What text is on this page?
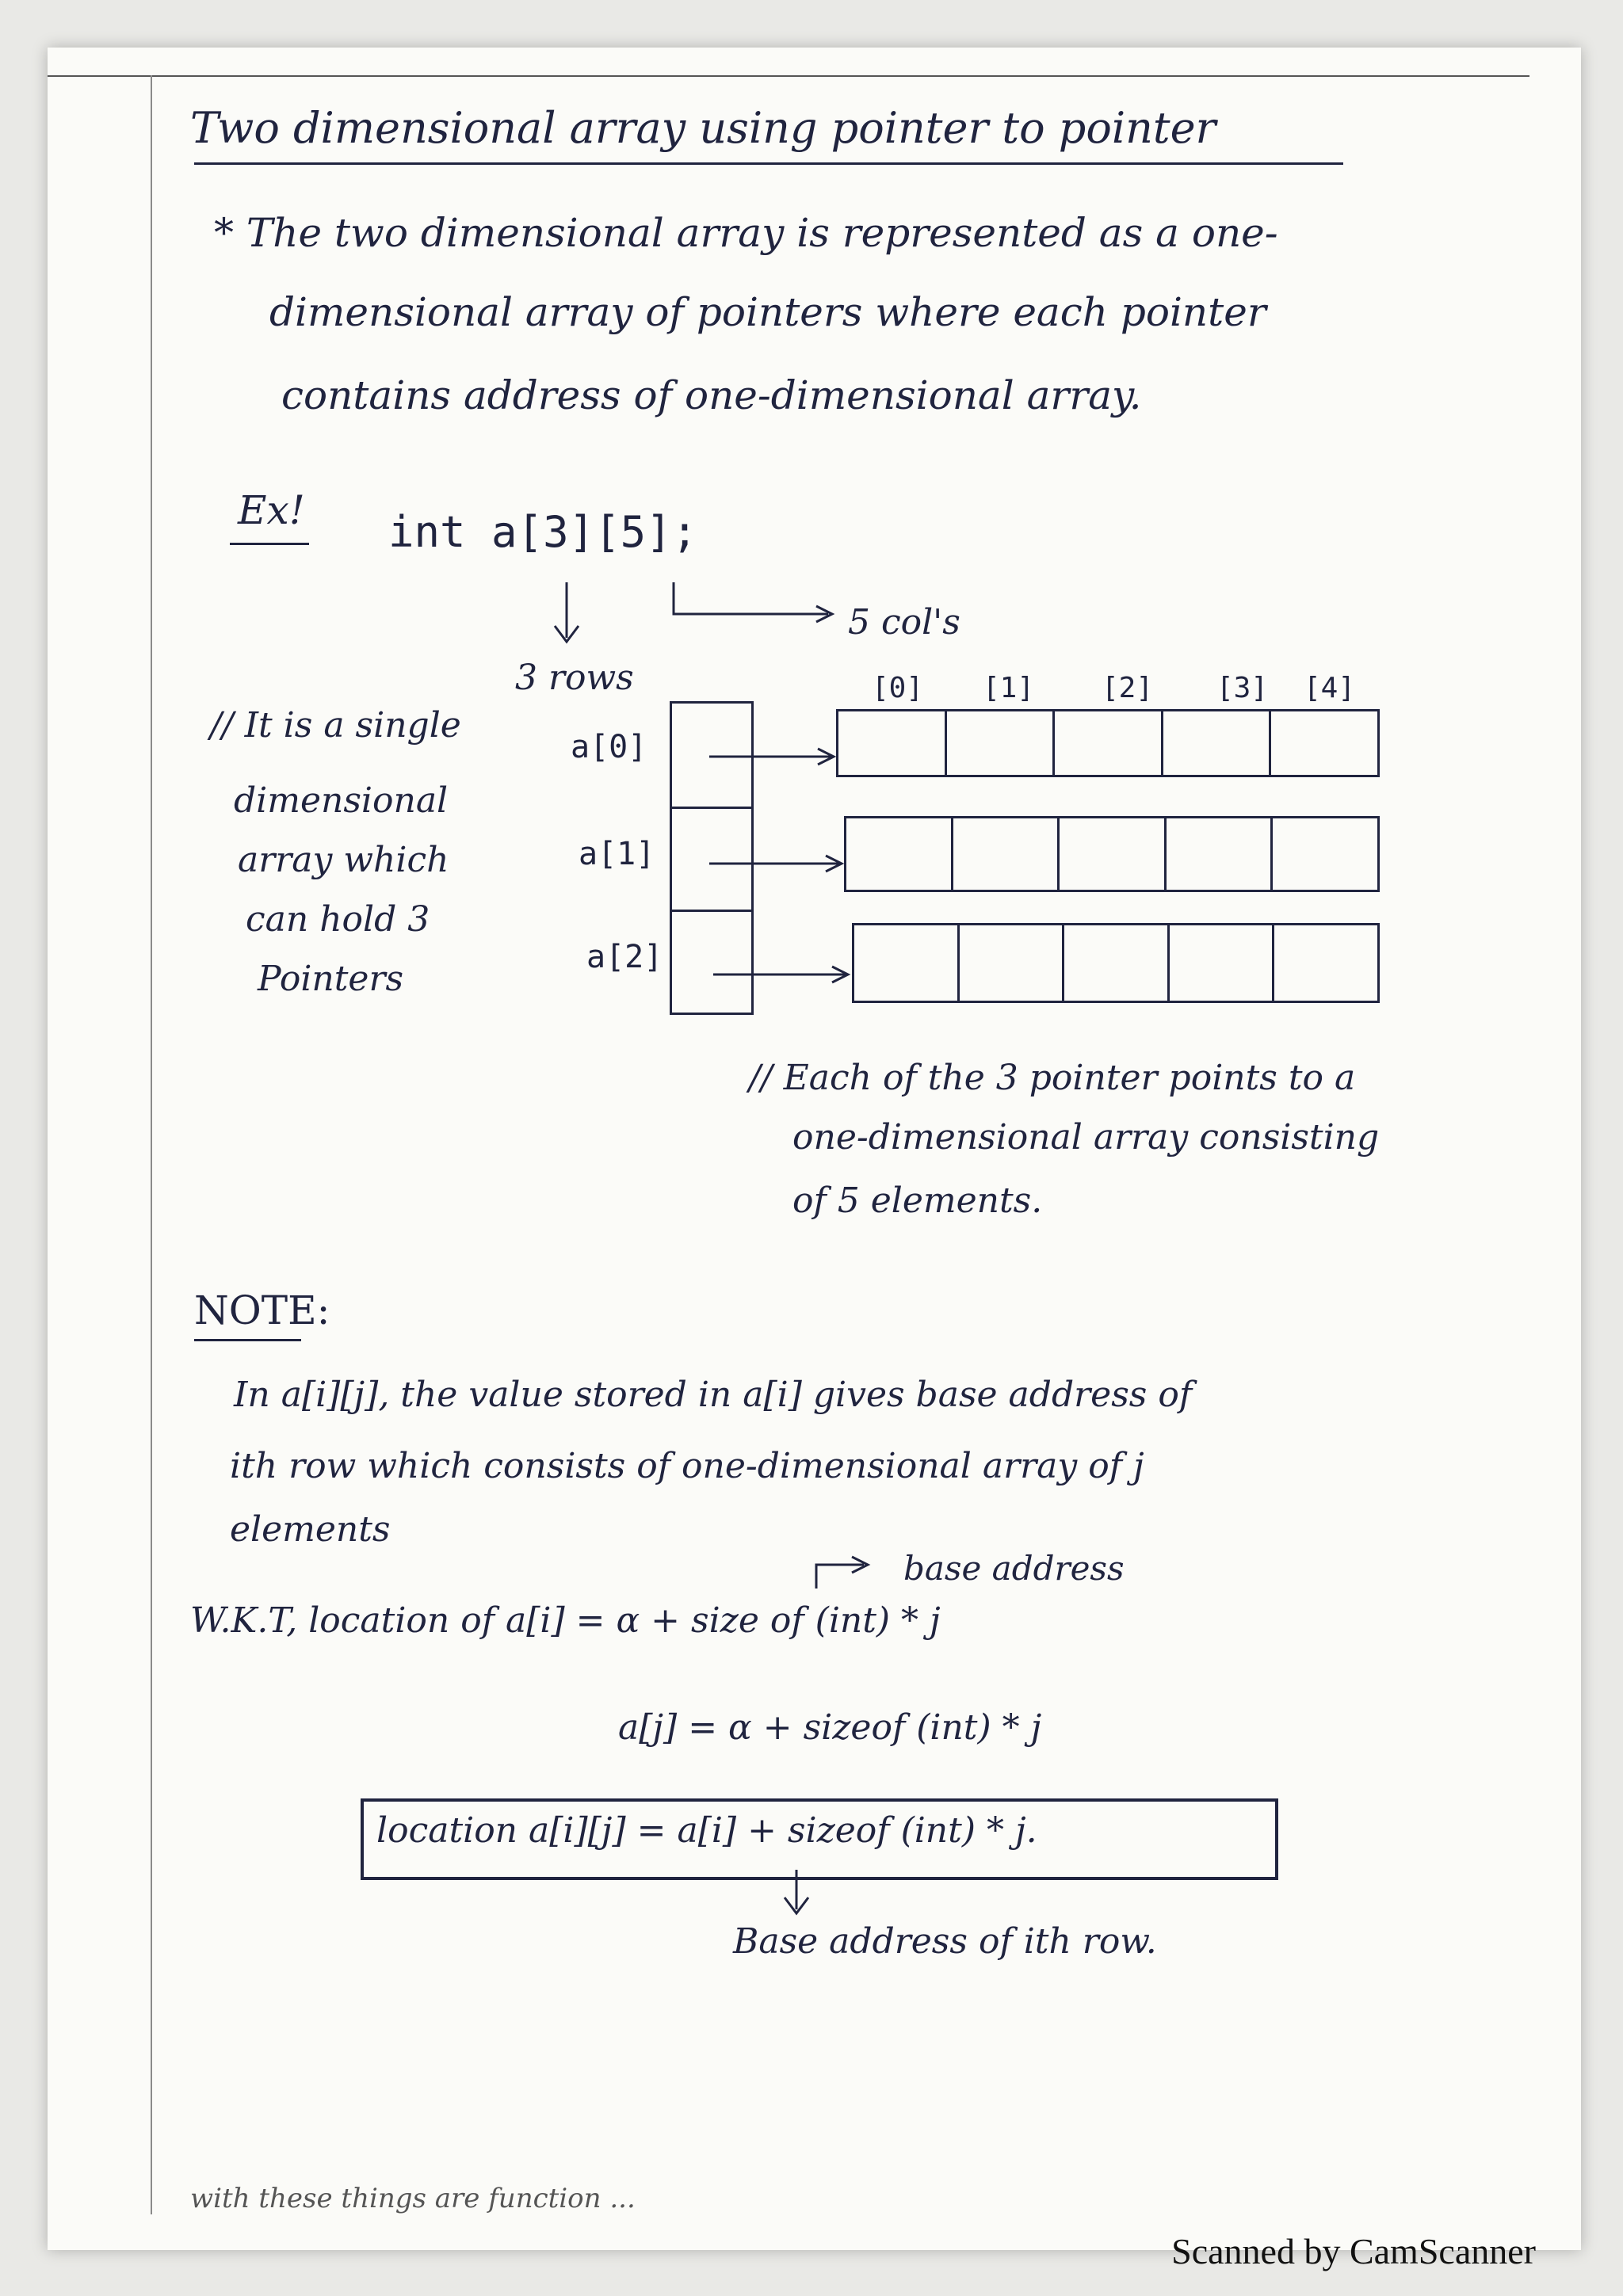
Two dimensional array using pointer to pointer
* The two dimensional array is represented as a one-
dimensional array of pointers where each pointer
contains address of one-dimensional array.
Ex! int a[3][5];
5 col's
3 rows	[0] [1] [2] [3] [4]
// It is a single
dimensional
array which
can hold 3
Pointers
a[0]
a[1]
a[2]
// Each of the 3 pointer points to a
one-dimensional array consisting
of 5 elements.
NOTE:
In a[i][j], the value stored in a[i] gives base address of
ith row which consists of one-dimensional array of j
elements
base address
W.K.T, location of a[i] = α + size of (int) * j
a[j] = α + sizeof (int) * j
location a[i][j] = a[i] + sizeof (int) * j.
Base address of ith row.
with these things are function ...
Scanned by CamScanner
